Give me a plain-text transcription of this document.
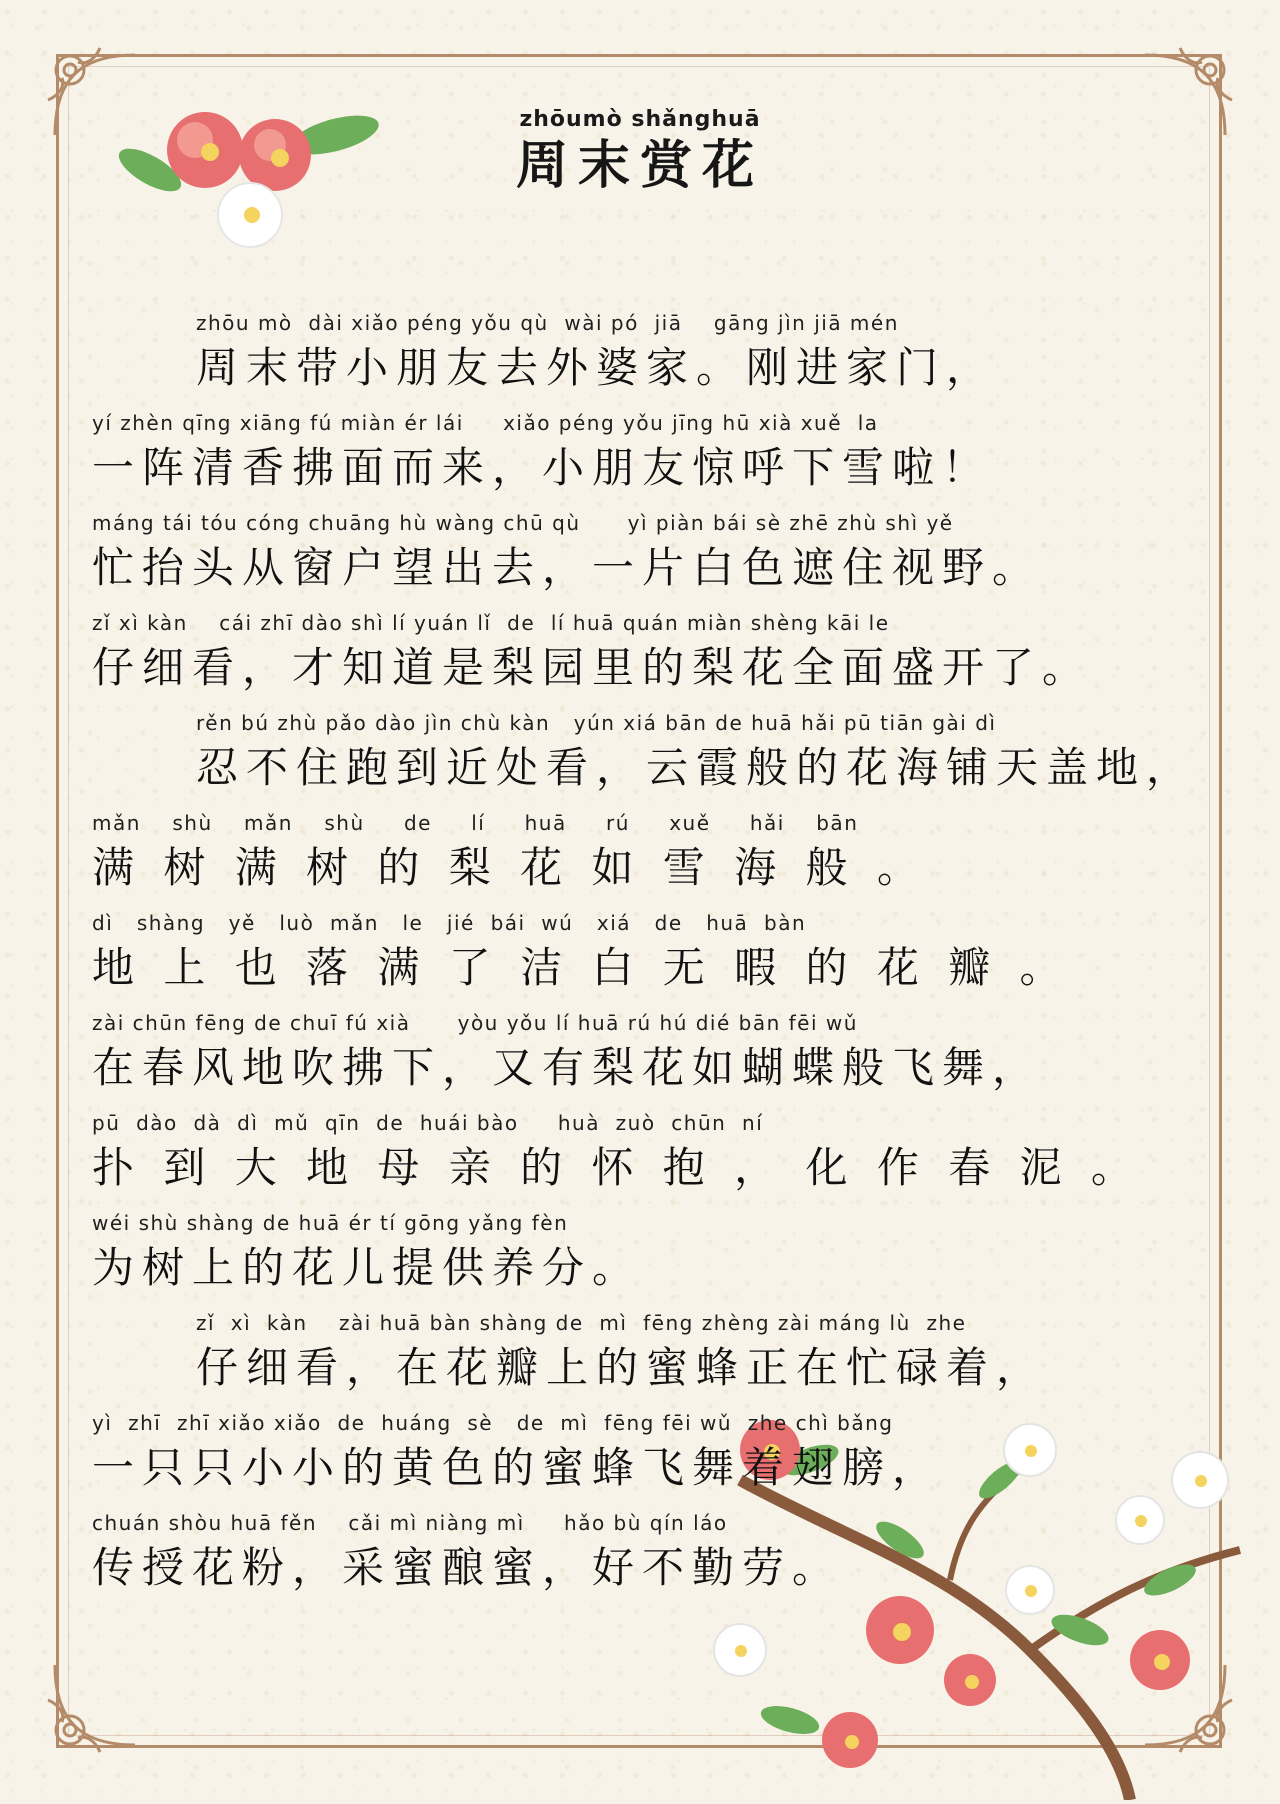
zhōumò shǎnghuā

周末赏花
zhōu mò  dài xiǎo péng yǒu qù  wài pó  jiā    gāng jìn jiā mén
周末带小朋友去外婆家。刚进家门，
yí zhèn qīng xiāng fú miàn ér lái     xiǎo péng yǒu jīng hū xià xuě  la
一阵清香拂面而来，小朋友惊呼下雪啦！
máng tái tóu cóng chuāng hù wàng chū qù      yì piàn bái sè zhē zhù shì yě
忙抬头从窗户望出去，一片白色遮住视野。
zǐ xì kàn    cái zhī dào shì lí yuán lǐ  de  lí huā quán miàn shèng kāi le
仔细看，才知道是梨园里的梨花全面盛开了。
rěn bú zhù pǎo dào jìn chù kàn   yún xiá bān de huā hǎi pū tiān gài dì
忍不住跑到近处看，云霞般的花海铺天盖地，
mǎn    shù    mǎn    shù     de     lí     huā     rú     xuě     hǎi    bān
满 树 满 树 的 梨 花 如 雪 海 般 。
dì   shàng   yě   luò  mǎn   le   jié  bái  wú   xiá   de   huā  bàn
地 上 也 落 满 了 洁 白 无 暇 的 花 瓣 。
zài chūn fēng de chuī fú xià      yòu yǒu lí huā rú hú dié bān fēi wǔ
在春风地吹拂下，又有梨花如蝴蝶般飞舞，
pū  dào  dà  dì  mǔ  qīn  de  huái bào     huà  zuò  chūn  ní
扑 到 大 地 母 亲 的 怀 抱 ， 化 作 春 泥 。
wéi shù shàng de huā ér tí gōng yǎng fèn
为树上的花儿提供养分。
zǐ  xì  kàn    zài huā bàn shàng de  mì  fēng zhèng zài máng lù  zhe
仔细看，在花瓣上的蜜蜂正在忙碌着，
yì  zhī  zhī xiǎo xiǎo  de  huáng  sè   de  mì  fēng fēi wǔ  zhe chì bǎng
一只只小小的黄色的蜜蜂飞舞着翅膀，
chuán shòu huā fěn    cǎi mì niàng mì     hǎo bù qín láo
传授花粉，采蜜酿蜜，好不勤劳。
